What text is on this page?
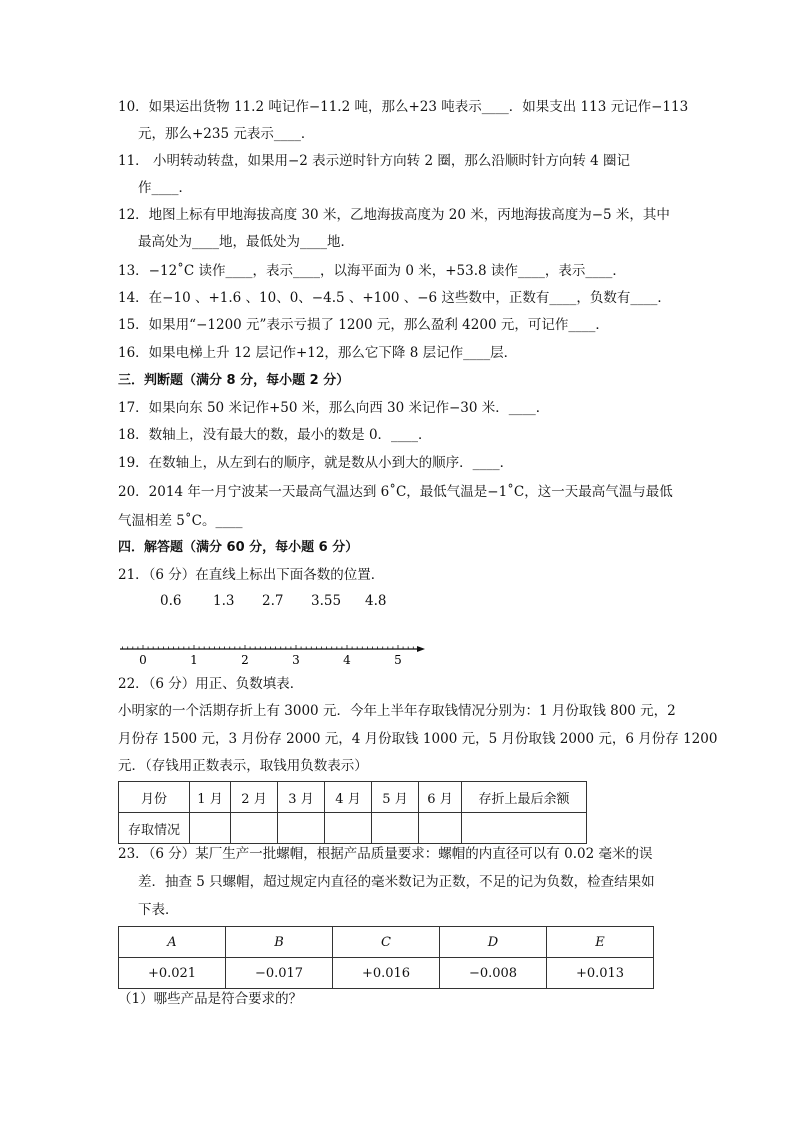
10．如果运出货物 11.2 吨记作−11.2 吨，那么+23 吨表示____．如果支出 113 元记作−113
元，那么+235 元表示____．
11． 小明转动转盘，如果用−2 表示逆时针方向转 2 圈，那么沿顺时针方向转 4 圈记
作____．
12．地图上标有甲地海拔高度 30 米，乙地海拔高度为 20 米，丙地海拔高度为−5 米，其中
最高处为____地，最低处为____地．
13．−12˚C 读作____，表示____，以海平面为 0 米，+53.8 读作____，表示____．
14．在−10 、+1.6 、10、0、−4.5 、+100 、−6 这些数中，正数有____，负数有____．
15．如果用“−1200 元”表示亏损了 1200 元，那么盈利 4200 元，可记作____．
16．如果电梯上升 12 层记作+12，那么它下降 8 层记作____层．
三．判断题（满分 8 分，每小题 2 分）
17．如果向东 50 米记作+50 米，那么向西 30 米记作−30 米．____．
18．数轴上，没有最大的数，最小的数是 0．____．
19．在数轴上，从左到右的顺序，就是数从小到大的顺序．____．
20．2014 年一月宁波某一天最高气温达到 6˚C，最低气温是−1˚C，这一天最高气温与最低
气温相差 5˚C。____
四．解答题（满分 60 分，每小题 6 分）
21．（6 分）在直线上标出下面各数的位置．
0.6 1.3 2.7 3.55 4.8
0	1	2	3	4	5
22．（6 分）用正、负数填表．
小明家的一个活期存折上有 3000 元．今年上半年存取钱情况分别为：1 月份取钱 800 元，2
月份存 1500 元，3 月份存 2000 元，4 月份取钱 1000 元，5 月份取钱 2000 元，6 月份存 1200
元．（存钱用正数表示，取钱用负数表示）
月份	1 月	2 月	3 月	4 月	5 月	6 月	存折上最后余额
存取情况							
23．（6 分）某厂生产一批螺帽，根据产品质量要求：螺帽的内直径可以有 0.02 毫米的误
差．抽查 5 只螺帽，超过规定内直径的毫米数记为正数，不足的记为负数，检查结果如
下表．
A	B	C	D	E
+0.021	−0.017	+0.016	−0.008	+0.013
（1）哪些产品是符合要求的？
